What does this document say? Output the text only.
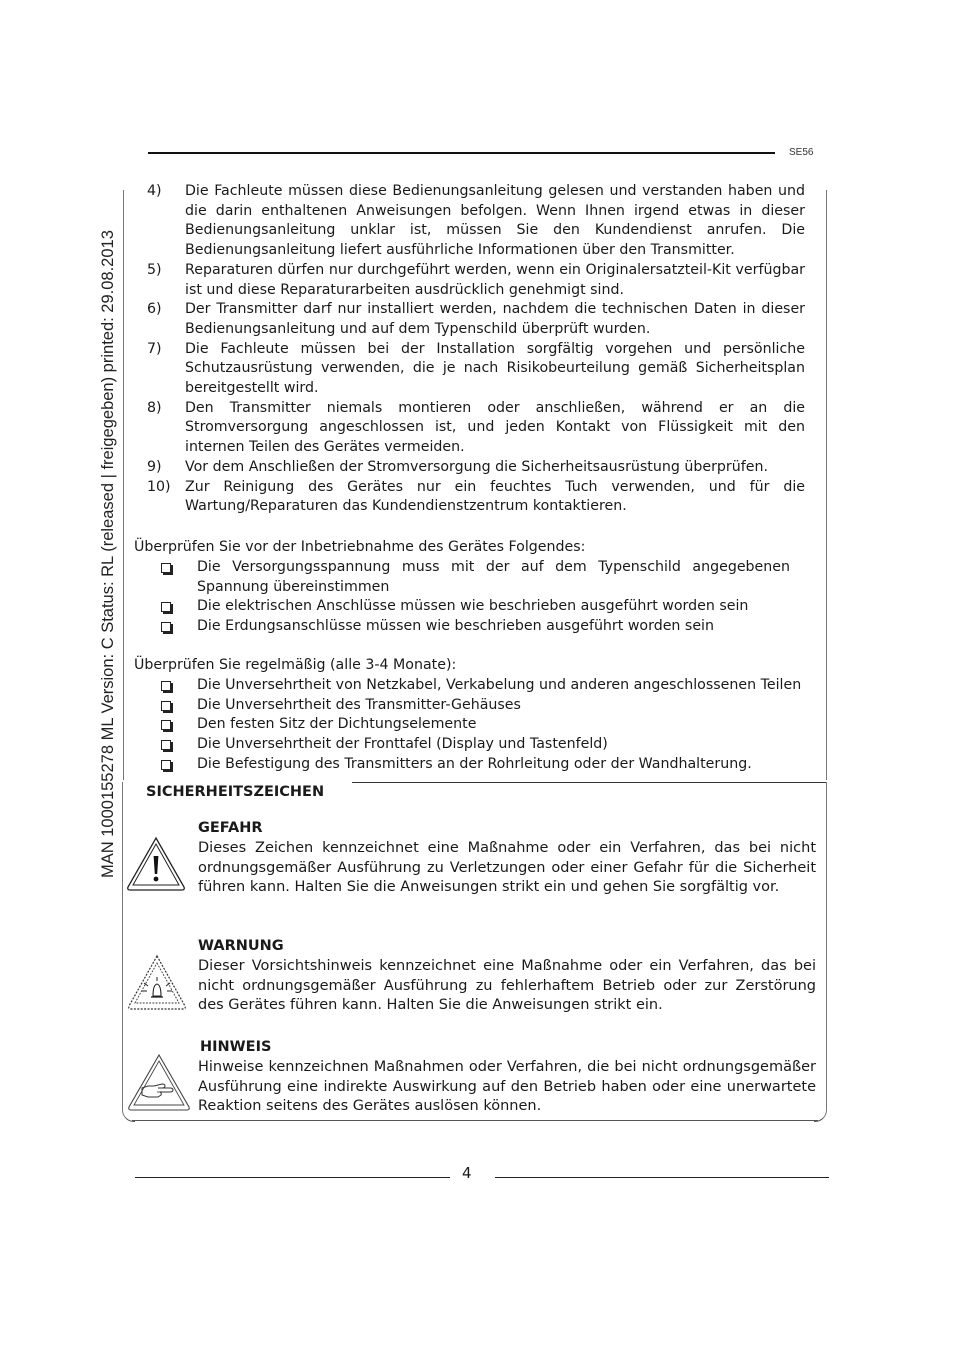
MAN 1000155278 ML Version: C Status: RL (released | freigegeben) printed: 29.08.2013
SE56
4)	Die Fachleute müssen diese Bedienungsanleitung gelesen und verstanden haben und die darin enthaltenen Anweisungen befolgen. Wenn Ihnen irgend etwas in dieser Bedienungsanleitung unklar ist, müssen Sie den Kundendienst anrufen. Die Bedienungsanleitung liefert ausführliche Informationen über den Transmitter.
5)	Reparaturen dürfen nur durchgeführt werden, wenn ein Originalersatzteil-Kit verfügbar ist und diese Reparaturarbeiten ausdrücklich genehmigt sind.
6)	Der Transmitter darf nur installiert werden, nachdem die technischen Daten in dieser Bedienungsanleitung und auf dem Typenschild überprüft wurden.
7)	Die Fachleute müssen bei der Installation sorgfältig vorgehen und persönliche Schutzausrüstung verwenden, die je nach Risikobeurteilung gemäß Sicherheitsplan bereitgestellt wird.
8)	Den Transmitter niemals montieren oder anschließen, während er an die Stromversorgung angeschlossen ist, und jeden Kontakt von Flüssigkeit mit den internen Teilen des Gerätes vermeiden.
9)	Vor dem Anschließen der Stromversorgung die Sicherheitsausrüstung überprüfen.
10)	Zur Reinigung des Gerätes nur ein feuchtes Tuch verwenden, und für die Wartung/Reparaturen das Kundendienstzentrum kontaktieren.
Überprüfen Sie vor der Inbetriebnahme des Gerätes Folgendes:
Die Versorgungsspannung muss mit der auf dem Typenschild angegebenen Spannung übereinstimmen
Die elektrischen Anschlüsse müssen wie beschrieben ausgeführt worden sein
Die Erdungsanschlüsse müssen wie beschrieben ausgeführt worden sein
Überprüfen Sie regelmäßig (alle 3-4 Monate):
Die Unversehrtheit von Netzkabel, Verkabelung und anderen angeschlossenen Teilen
Die Unversehrtheit des Transmitter-Gehäuses
Den festen Sitz der Dichtungselemente
Die Unversehrtheit der Fronttafel (Display und Tastenfeld)
Die Befestigung des Transmitters an der Rohrleitung oder der Wandhalterung.
SICHERHEITSZEICHEN
GEFAHR
Dieses Zeichen kennzeichnet eine Maßnahme oder ein Verfahren, das bei nicht ordnungsgemäßer Ausführung zu Verletzungen oder einer Gefahr für die Sicherheit führen kann. Halten Sie die Anweisungen strikt ein und gehen Sie sorgfältig vor.
WARNUNG
Dieser Vorsichtshinweis kennzeichnet eine Maßnahme oder ein Verfahren, das bei nicht ordnungsgemäßer Ausführung zu fehlerhaftem Betrieb oder zur Zerstörung des Gerätes führen kann. Halten Sie die Anweisungen strikt ein.
HINWEIS
Hinweise kennzeichnen Maßnahmen oder Verfahren, die bei nicht ordnungsgemäßer Ausführung eine indirekte Auswirkung auf den Betrieb haben oder eine unerwartete Reaktion seitens des Gerätes auslösen können.
4
